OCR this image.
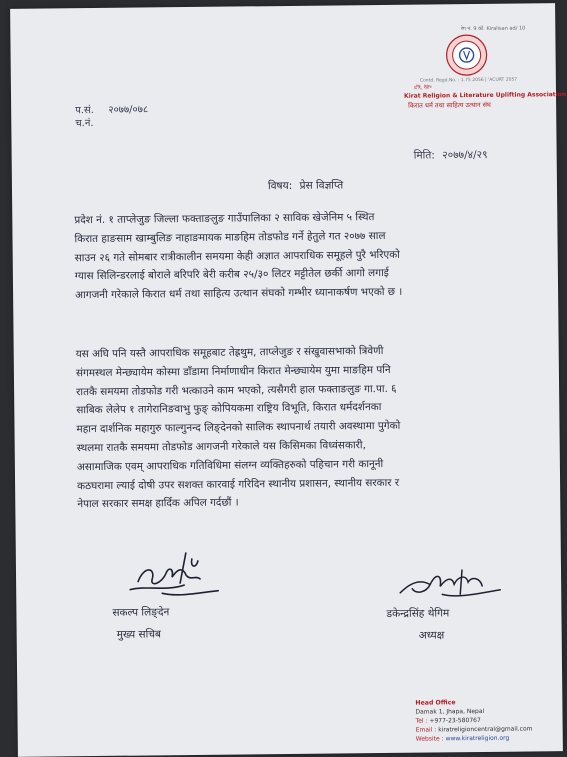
रेग नं. 9 को. Kiralisan ad/ 10
Contd. Regd.No. : 1.75 2056 | 'ACURT 2057
ᤂᤡᤖᤠᤳ ᤔᤠᤙᤠᤰ
Kirat Religion & Literature Uplifting Association
किरात धर्म तथा साहित्य उत्थान संघ
प.सं. २०७७/०७८
च.नं.
मिति: २०७७/४/२९
विषय: प्रेस विज्ञप्ति
प्रदेश नं. १ ताप्लेजुङ जिल्ला फक्ताङलुङ गाउँपालिका २ साविक खेजेनिम ५ स्थित
किरात हाङसाम खाम्बुलिङ नाहाङमायक माङहिम तोडफोड गर्ने हेतुले गत २०७७ साल
साउन २६ गते सोमबार रात्रीकालीन समयमा केही अज्ञात आपराधिक समूहले पुरै भरिएको
ग्यास सिलिन्डरलाई बोराले बरिपरि बेरी करीब २५/३० लिटर मट्टीतेल छर्की आगो लगाई
आगजनी गरेकाले किरात धर्म तथा साहित्य उत्थान संघको गम्भीर ध्यानाकर्षण भएको छ ।
यस अघि पनि यस्तै आपराधिक समूहबाट तेह्रथुम, ताप्लेजुङ र संखुवासभाको त्रिवेणी
संगमस्थल मेन्छ्यायेम कोस्मा डाँडामा निर्माणाधीन किरात मेन्छ्यायेम युमा माङहिम पनि
रातकै समयमा तोडफोड गरी भत्काउने काम भएको, त्यसैगरी हाल फक्ताङलुङ गा.पा. ६
साबिक लेलेप १ तागेरानिङवाभु फुङ् कोपियकमा राष्ट्रिय विभूति, किरात धर्मदर्शनका
महान दार्शनिक महागुरु फाल्गुनन्द लिङ्देनको सालिक स्थापनार्थ तयारी अवस्थामा पुगेको
स्थलमा रातकै समयमा तोडफोड आगजनी गरेकाले यस किसिमका विध्वंसकारी,
असामाजिक एवम् आपराधिक गतिविधिमा संलग्न व्यक्तिहरुको पहिचान गरी कानूनी
कठघरामा ल्याई दोषी उपर सशक्त कारवाई गरिदिन स्थानीय प्रशासन, स्थानीय सरकार र
नेपाल सरकार समक्ष हार्दिक अपिल गर्दछौं ।
सकल्प लिङ्देन
मुख्य सचिब
डकेन्द्रसिंह थेगिम
अध्यक्ष
Head Office
Damak 1, Jhapa, Nepal
Tel : +977-23-580767
Email : kiratreligioncentral@gmail.com
Website : www.kiratreligion.org
